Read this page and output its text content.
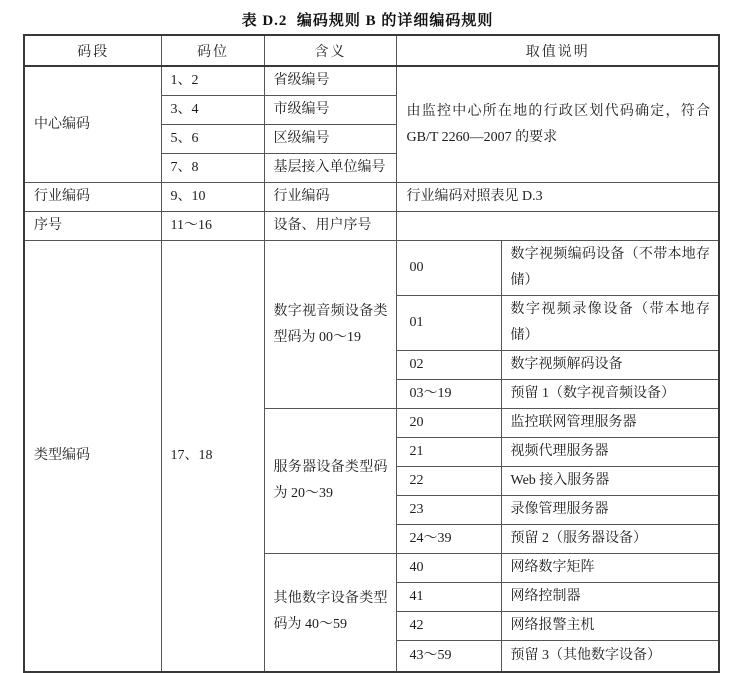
表 D.2  编码规则 B 的详细编码规则
码段	码位	含义	取值说明	
中心编码	1、2	省级编号	由监控中心所在地的行政区划代码确定，符合 GB/T 2260—2007 的要求	
	3、4	市级编号		
	5、6	区级编号		
	7、8	基层接入单位编号		
行业编码	9、10	行业编码	行业编码对照表见 D.3	
序号	11～16	设备、用户序号		
类型编码	17、18	数字视音频设备类型码为 00～19	00	数字视频编码设备（不带本地存储）
			01	数字视频录像设备（带本地存储）
			02	数字视频解码设备
			03～19	预留 1（数字视音频设备）
		服务器设备类型码为 20～39	20	监控联网管理服务器
			21	视频代理服务器
			22	Web 接入服务器
			23	录像管理服务器
			24～39	预留 2（服务器设备）
		其他数字设备类型码为 40～59	40	网络数字矩阵
			41	网络控制器
			42	网络报警主机
			43～59	预留 3（其他数字设备）
